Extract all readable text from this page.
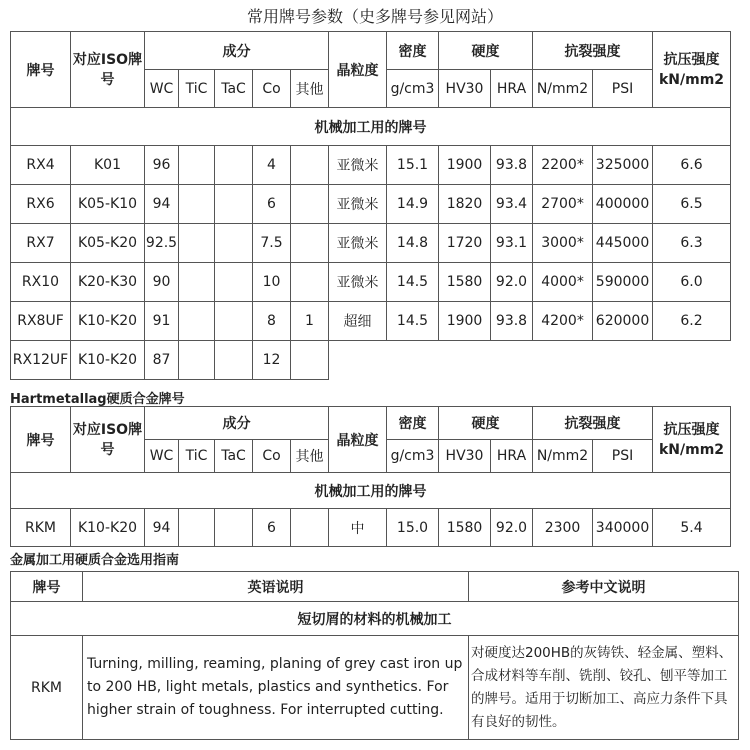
常用牌号参数（史多牌号参见网站）
牌号	对应ISO牌号	成分					晶粒度	密度	硬度		抗裂强度		抗压强度
kN/mm2
		WC	TiC	TaC	Co	其他		g/cm3	HV30	HRA	N/mm2	PSI	
机械加工用的牌号													
RX4	K01	96			4		亚微米	15.1	1900	93.8	2200*	325000	6.6
RX6	K05-K10	94			6		亚微米	14.9	1820	93.4	2700*	400000	6.5
RX7	K05-K20	92.5			7.5		亚微米	14.8	1720	93.1	3000*	445000	6.3
RX10	K20-K30	90			10		亚微米	14.5	1580	92.0	4000*	590000	6.0
RX8UF	K10-K20	91			8	1	超细	14.5	1900	93.8	4200*	620000	6.2
RX12UF	K10-K20	87			12								
Hartmetallag硬质合金牌号
牌号	对应ISO牌号	成分					晶粒度	密度	硬度		抗裂强度		抗压强度
kN/mm2
		WC	TiC	TaC	Co	其他		g/cm3	HV30	HRA	N/mm2	PSI	
机械加工用的牌号													
RKM	K10-K20	94			6		中	15.0	1580	92.0	2300	340000	5.4
金属加工用硬质合金选用指南
牌号	英语说明	参考中文说明
短切屑的材料的机械加工		
RKM	Turning, milling, reaming, planing of grey cast iron up to 200 HB, light metals, plastics and synthetics. For higher strain of toughness. For interrupted cutting.	对硬度达200HB的灰铸铁、轻金属、塑料、合成材料等车削、铣削、铰孔、刨平等加工的牌号。适用于切断加工、高应力条件下具有良好的韧性。
